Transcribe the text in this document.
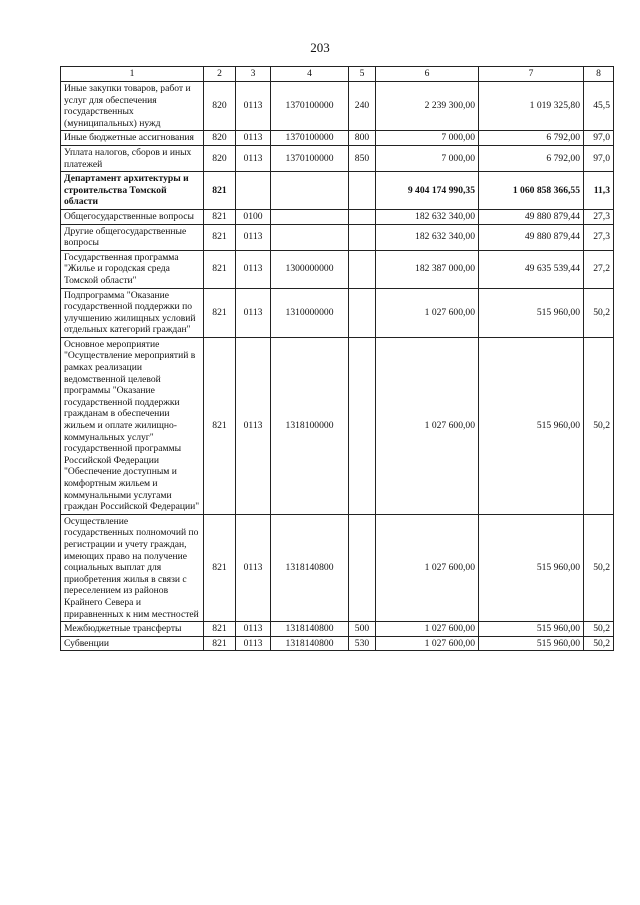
203
1	2	3	4	5	6	7	8
Иные закупки товаров, работ и услуг для обеспечения государственных (муниципальных) нужд	820	0113	1370100000	240	2 239 300,00	1 019 325,80	45,5
Иные бюджетные ассигнования	820	0113	1370100000	800	7 000,00	6 792,00	97,0
Уплата налогов, сборов и иных платежей	820	0113	1370100000	850	7 000,00	6 792,00	97,0
Департамент архитектуры и строительства Томской области	821				9 404 174 990,35	1 060 858 366,55	11,3
Общегосударственные вопросы	821	0100			182 632 340,00	49 880 879,44	27,3
Другие общегосударственные вопросы	821	0113			182 632 340,00	49 880 879,44	27,3
Государственная программа "Жилье и городская среда Томской области"	821	0113	1300000000		182 387 000,00	49 635 539,44	27,2
Подпрограмма "Оказание государственной поддержки по улучшению жилищных условий отдельных категорий граждан"	821	0113	1310000000		1 027 600,00	515 960,00	50,2
Основное мероприятие "Осуществление мероприятий в рамках реализации ведомственной целевой программы "Оказание государственной поддержки гражданам в обеспечении жильем и оплате жилищно-коммунальных услуг" государственной программы Российской Федерации "Обеспечение доступным и комфортным жильем и коммунальными услугами граждан Российской Федерации"	821	0113	1318100000		1 027 600,00	515 960,00	50,2
Осуществление государственных полномочий по регистрации и учету граждан, имеющих право на получение социальных выплат для приобретения жилья в связи с переселением из районов Крайнего Севера и приравненных к ним местностей	821	0113	1318140800		1 027 600,00	515 960,00	50,2
Межбюджетные трансферты	821	0113	1318140800	500	1 027 600,00	515 960,00	50,2
Субвенции	821	0113	1318140800	530	1 027 600,00	515 960,00	50,2
